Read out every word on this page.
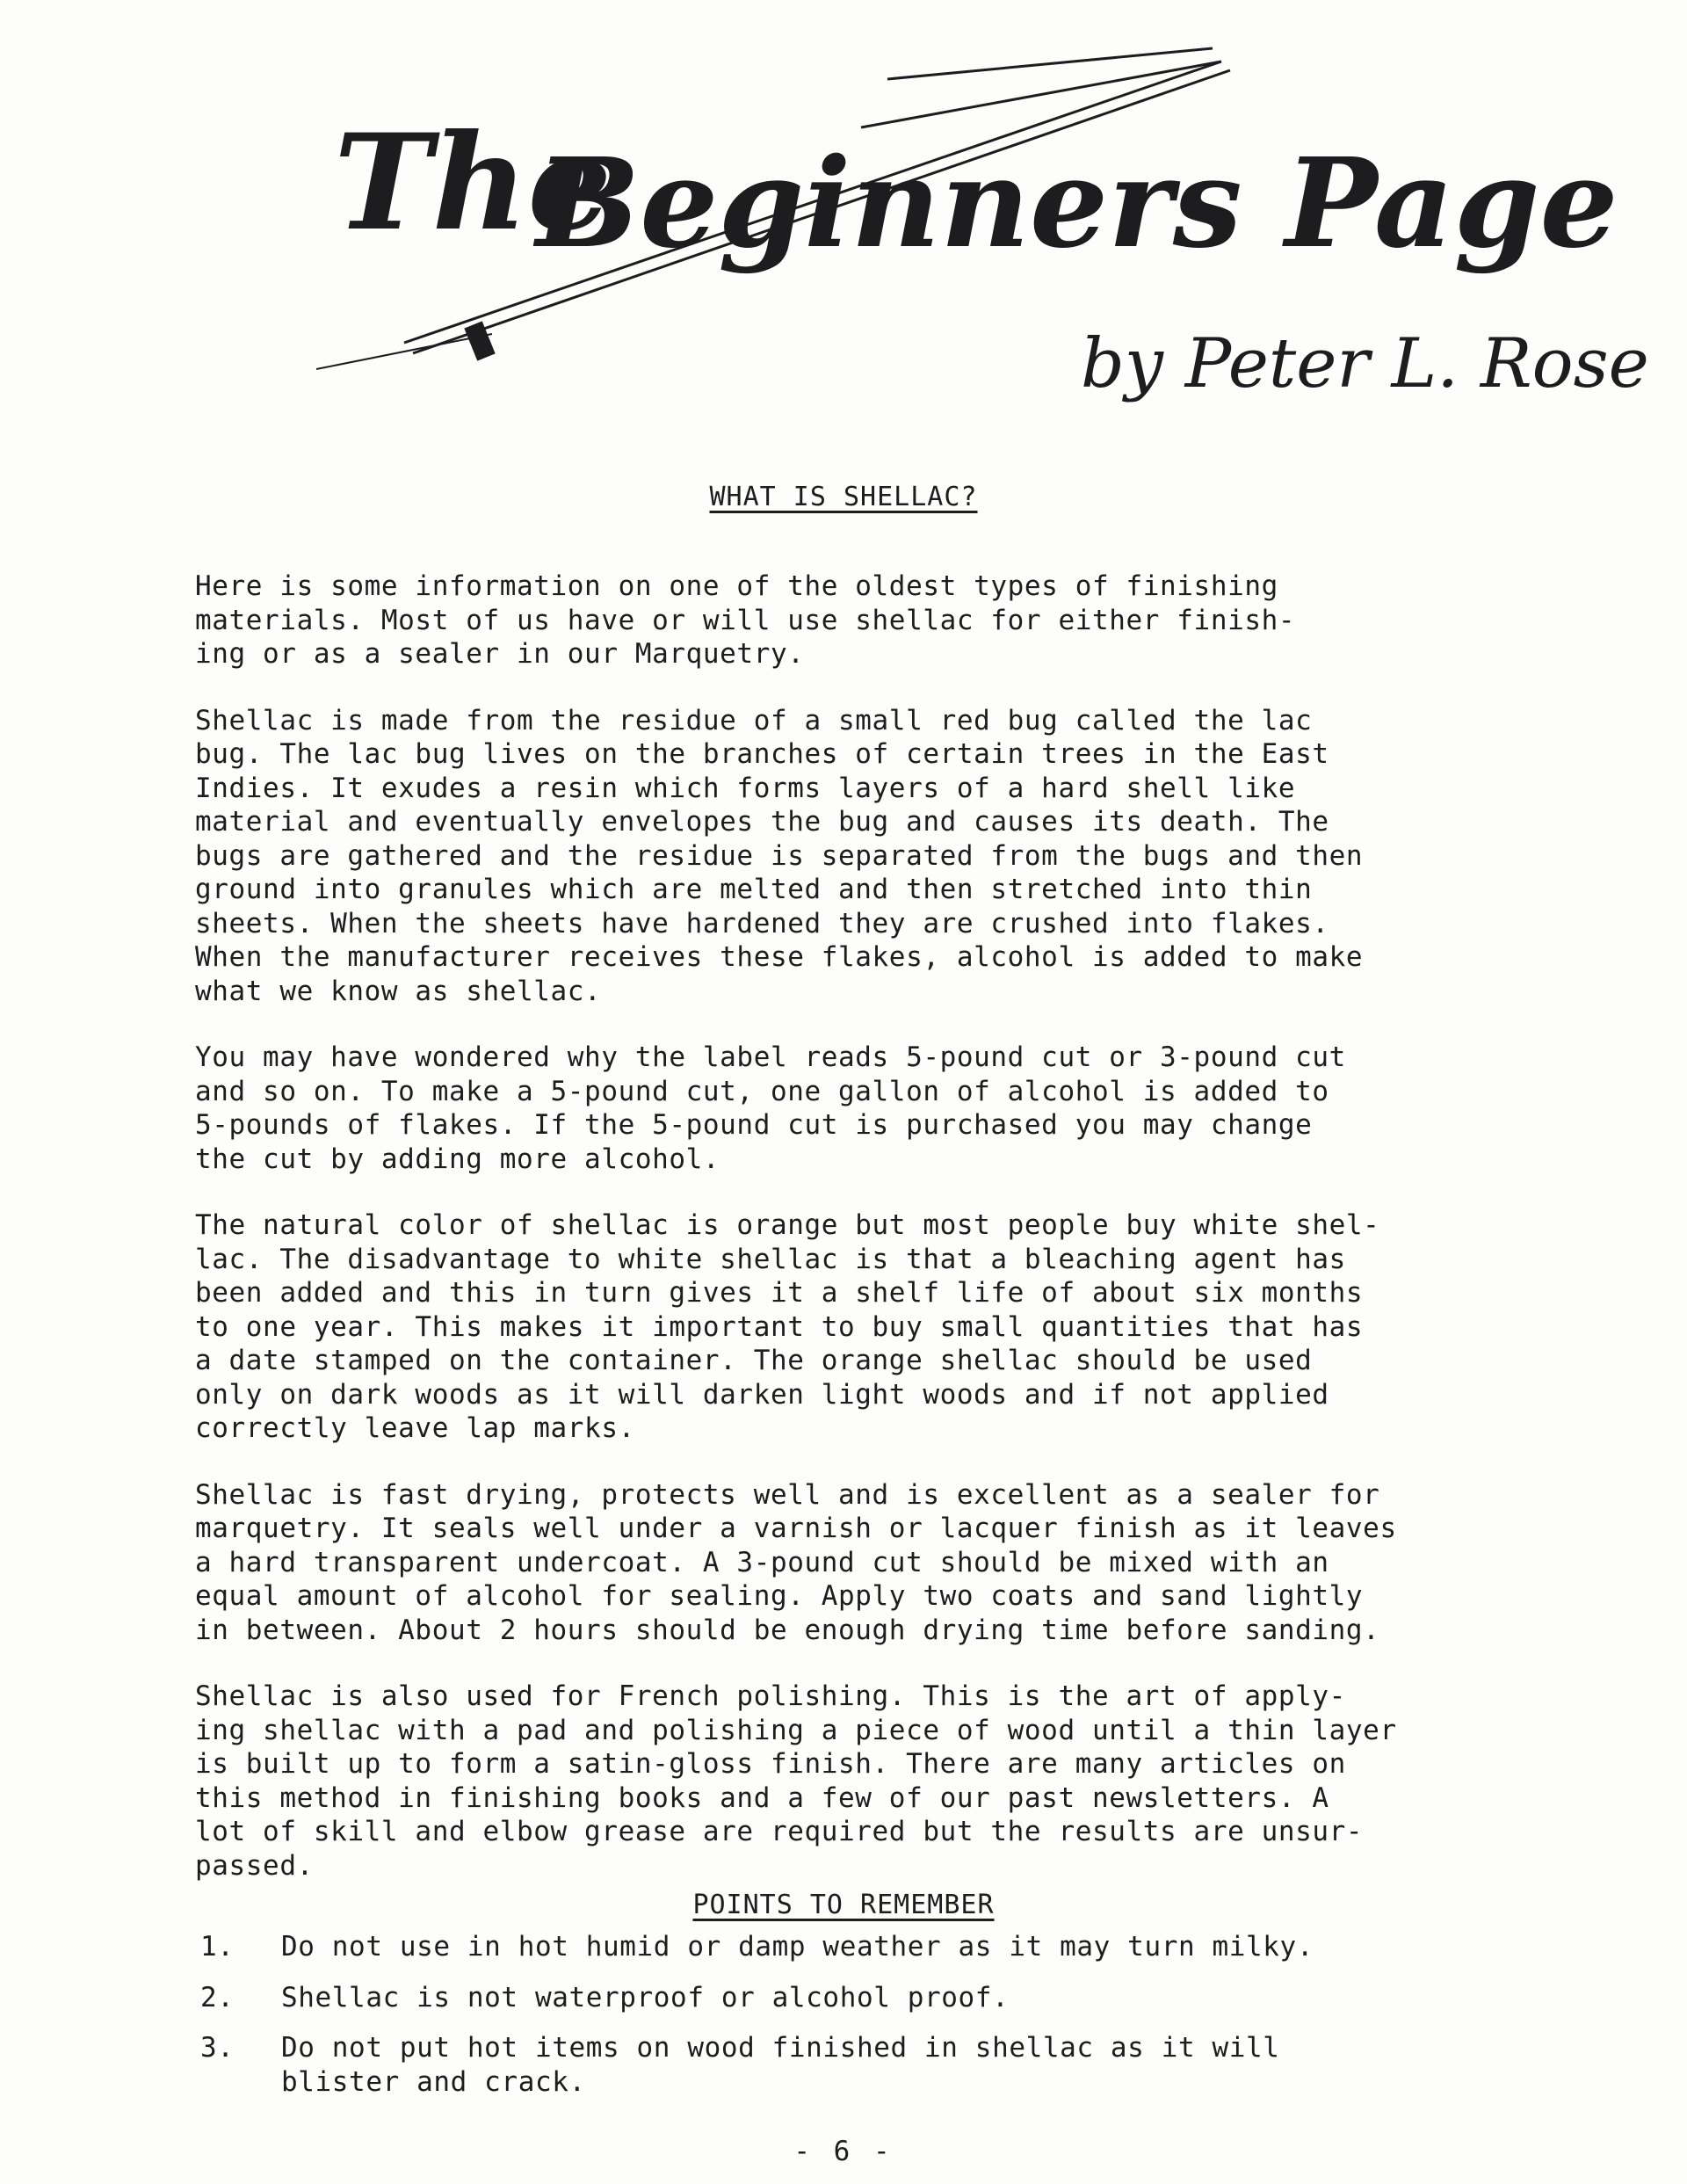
The
Beginners Page
by Peter L. Rose
WHAT IS SHELLAC?

Here is some information on one of the oldest types of finishing
materials. Most of us have or will use shellac for either finish-
ing or as a sealer in our Marquetry.

Shellac is made from the residue of a small red bug called the lac
bug. The lac bug lives on the branches of certain trees in the East
Indies. It exudes a resin which forms layers of a hard shell like
material and eventually envelopes the bug and causes its death. The
bugs are gathered and the residue is separated from the bugs and then
ground into granules which are melted and then stretched into thin
sheets. When the sheets have hardened they are crushed into flakes.
When the manufacturer receives these flakes, alcohol is added to make
what we know as shellac.

You may have wondered why the label reads 5-pound cut or 3-pound cut
and so on. To make a 5-pound cut, one gallon of alcohol is added to
5-pounds of flakes. If the 5-pound cut is purchased you may change
the cut by adding more alcohol.

The natural color of shellac is orange but most people buy white shel-
lac. The disadvantage to white shellac is that a bleaching agent has
been added and this in turn gives it a shelf life of about six months
to one year. This makes it important to buy small quantities that has
a date stamped on the container. The orange shellac should be used
only on dark woods as it will darken light woods and if not applied
correctly leave lap marks.

Shellac is fast drying, protects well and is excellent as a sealer for
marquetry. It seals well under a varnish or lacquer finish as it leaves
a hard transparent undercoat. A 3-pound cut should be mixed with an
equal amount of alcohol for sealing. Apply two coats and sand lightly
in between. About 2 hours should be enough drying time before sanding.

Shellac is also used for French polishing. This is the art of apply-
ing shellac with a pad and polishing a piece of wood until a thin layer
is built up to form a satin-gloss finish. There are many articles on
this method in finishing books and a few of our past newsletters. A
lot of skill and elbow grease are required but the results are unsur-
passed.

POINTS TO REMEMBER
1.	Do not use in hot humid or damp weather as it may turn milky.
2.	Shellac is not waterproof or alcohol proof.
3.	Do not put hot items on wood finished in shellac as it will
blister and crack.
- 6 -
